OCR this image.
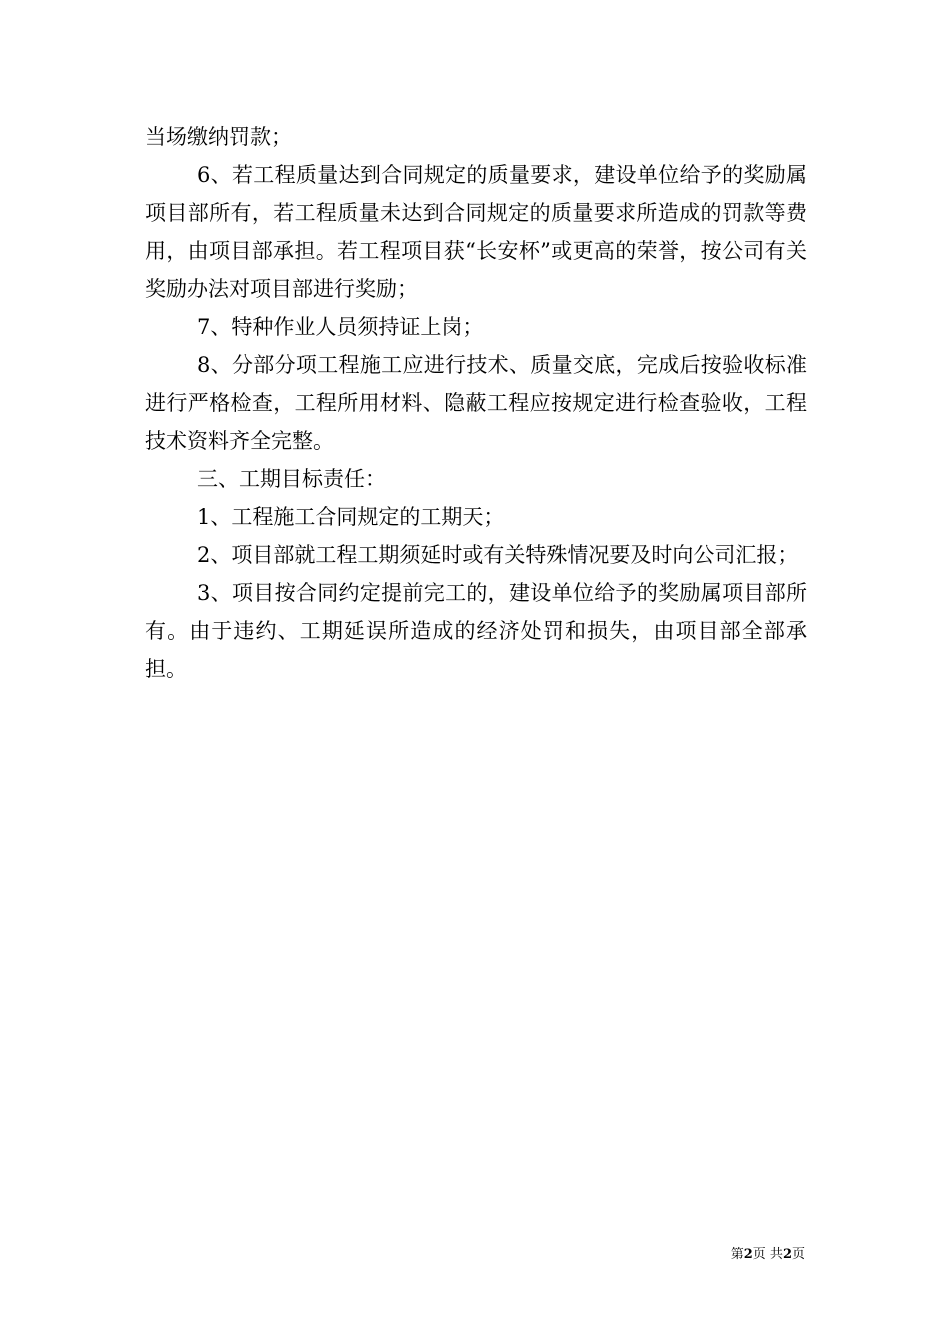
当场缴纳罚款；

6、若工程质量达到合同规定的质量要求，建设单位给予的奖励属项目部所有，若工程质量未达到合同规定的质量要求所造成的罚款等费用，由项目部承担。若工程项目获“长安杯”或更高的荣誉，按公司有关奖励办法对项目部进行奖励；

7、特种作业人员须持证上岗；

8、分部分项工程施工应进行技术、质量交底，完成后按验收标准进行严格检查，工程所用材料、隐蔽工程应按规定进行检查验收，工程技术资料齐全完整。

三、工期目标责任：

1、工程施工合同规定的工期天；

2、项目部就工程工期须延时或有关特殊情况要及时向公司汇报；

3、项目按合同约定提前完工的，建设单位给予的奖励属项目部所有。由于违约、工期延误所造成的经济处罚和损失，由项目部全部承担。

第2页 共2页
